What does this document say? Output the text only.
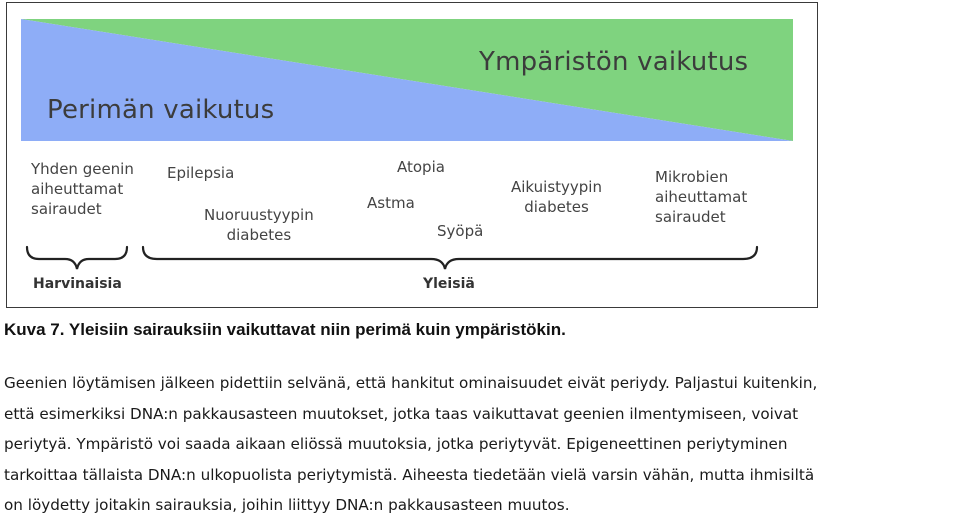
Ympäristön vaikutus
Perimän vaikutus
Yhden geenin
aiheuttamat
sairaudet
Epilepsia
Nuoruustyypin
diabetes
Atopia
Astma
Syöpä
Aikuistyypin
diabetes
Mikrobien
aiheuttamat
sairaudet
Harvinaisia	Yleisiä
Kuva 7. Yleisiin sairauksiin vaikuttavat niin perimä kuin ympäristökin.
Geenien löytämisen jälkeen pidettiin selvänä, että hankitut ominaisuudet eivät periydy. Paljastui kuitenkin,
että esimerkiksi DNA:n pakkausasteen muutokset, jotka taas vaikuttavat geenien ilmentymiseen, voivat
periytyä. Ympäristö voi saada aikaan eliössä muutoksia, jotka periytyvät. Epigeneettinen periytyminen
tarkoittaa tällaista DNA:n ulkopuolista periytymistä. Aiheesta tiedetään vielä varsin vähän, mutta ihmisiltä
on löydetty joitakin sairauksia, joihin liittyy DNA:n pakkausasteen muutos.
